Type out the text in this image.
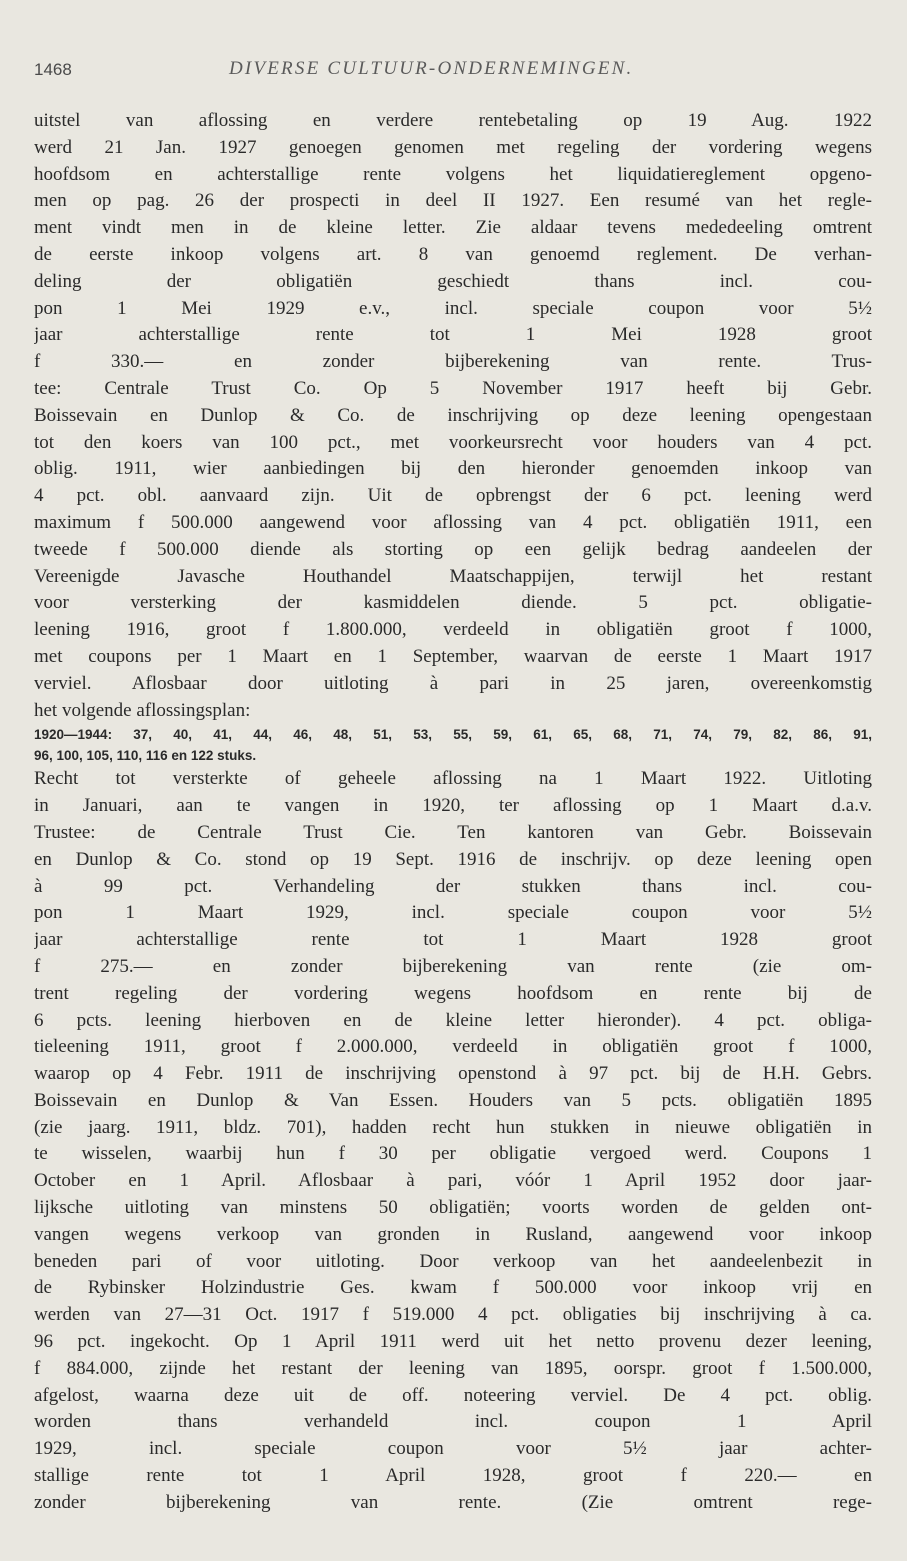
1468	DIVERSE CULTUUR-ONDERNEMINGEN.
uitstel van aflossing en verdere rentebetaling op 19 Aug. 1922
werd 21 Jan. 1927 genoegen genomen met regeling der vordering wegens
hoofdsom en achterstallige rente volgens het liquidatiereglement opgeno-
men op pag. 26 der prospecti in deel II 1927. Een resumé van het regle-
ment vindt men in de kleine letter. Zie aldaar tevens mededeeling omtrent
de eerste inkoop volgens art. 8 van genoemd reglement. De verhan-
deling der obligatiën geschiedt thans incl. cou-
pon 1 Mei 1929 e.v., incl. speciale coupon voor 5½
jaar achterstallige rente tot 1 Mei 1928 groot
f 330.— en zonder bijberekening van rente. Trus-
tee: Centrale Trust Co. Op 5 November 1917 heeft bij Gebr.
Boissevain en Dunlop & Co. de inschrijving op deze leening opengestaan
tot den koers van 100 pct., met voorkeursrecht voor houders van 4 pct.
oblig. 1911, wier aanbiedingen bij den hieronder genoemden inkoop van
4 pct. obl. aanvaard zijn. Uit de opbrengst der 6 pct. leening werd
maximum f 500.000 aangewend voor aflossing van 4 pct. obligatiën 1911, een
tweede f 500.000 diende als storting op een gelijk bedrag aandeelen der
Vereenigde Javasche Houthandel Maatschappijen, terwijl het restant
voor versterking der kasmiddelen diende. 5 pct. obligatie-
leening 1916, groot f 1.800.000, verdeeld in obligatiën groot f 1000,
met coupons per 1 Maart en 1 September, waarvan de eerste 1 Maart 1917
verviel. Aflosbaar door uitloting à pari in 25 jaren, overeenkomstig
het volgende aflossingsplan:
1920—1944: 37, 40, 41, 44, 46, 48, 51, 53, 55, 59, 61, 65, 68, 71, 74, 79, 82, 86, 91,
96, 100, 105, 110, 116 en 122 stuks.
Recht tot versterkte of geheele aflossing na 1 Maart 1922. Uitloting
in Januari, aan te vangen in 1920, ter aflossing op 1 Maart d.a.v.
Trustee: de Centrale Trust Cie. Ten kantoren van Gebr. Boissevain
en Dunlop & Co. stond op 19 Sept. 1916 de inschrijv. op deze leening open
à 99 pct. Verhandeling der stukken thans incl. cou-
pon 1 Maart 1929, incl. speciale coupon voor 5½
jaar achterstallige rente tot 1 Maart 1928 groot
f 275.— en zonder bijberekening van rente (zie om-
trent regeling der vordering wegens hoofdsom en rente bij de
6 pcts. leening hierboven en de kleine letter hieronder). 4 pct. obliga-
tieleening 1911, groot f 2.000.000, verdeeld in obligatiën groot f 1000,
waarop op 4 Febr. 1911 de inschrijving openstond à 97 pct. bij de H.H. Gebrs.
Boissevain en Dunlop & Van Essen. Houders van 5 pcts. obligatiën 1895
(zie jaarg. 1911, bldz. 701), hadden recht hun stukken in nieuwe obligatiën in
te wisselen, waarbij hun f 30 per obligatie vergoed werd. Coupons 1
October en 1 April. Aflosbaar à pari, vóór 1 April 1952 door jaar-
lijksche uitloting van minstens 50 obligatiën; voorts worden de gelden ont-
vangen wegens verkoop van gronden in Rusland, aangewend voor inkoop
beneden pari of voor uitloting. Door verkoop van het aandeelenbezit in
de Rybinsker Holzindustrie Ges. kwam f 500.000 voor inkoop vrij en
werden van 27—31 Oct. 1917 f 519.000 4 pct. obligaties bij inschrijving à ca.
96 pct. ingekocht. Op 1 April 1911 werd uit het netto provenu dezer leening,
f 884.000, zijnde het restant der leening van 1895, oorspr. groot f 1.500.000,
afgelost, waarna deze uit de off. noteering verviel. De 4 pct. oblig.
worden thans verhandeld incl. coupon 1 April
1929, incl. speciale coupon voor 5½ jaar achter-
stallige rente tot 1 April 1928, groot f 220.— en
zonder bijberekening van rente. (Zie omtrent rege-
